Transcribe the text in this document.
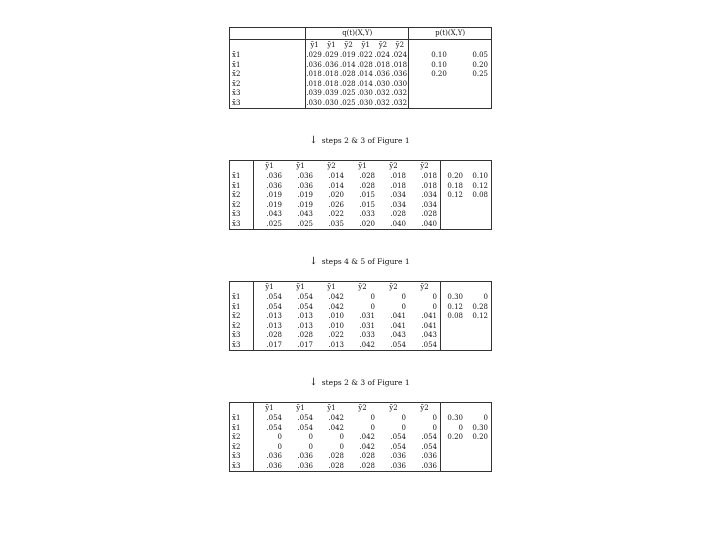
	q(t)(X,Y)						p(t)(X,Y)	
	ỹ1	ỹ1	ỹ2	ỹ1	ỹ2	ỹ2		
x̃1	.029	.029	.019	.022	.024	.024	0.10	0.05
x̃1	.036	.036	.014	.028	.018	.018	0.10	0.20
x̃2	.018	.018	.028	.014	.036	.036	0.20	0.25
x̃2	.018	.018	.028	.014	.030	.030		
x̃3	.039	.039	.025	.030	.032	.032		
x̃3	.030	.030	.025	.030	.032	.032		
↓ steps 2 & 3 of Figure 1
	ỹ1	ỹ1	ỹ2	ỹ1	ỹ2	ỹ2		
x̃1	.036	.036	.014	.028	.018	.018	0.20	0.10
x̃1	.036	.036	.014	.028	.018	.018	0.18	0.12
x̃2	.019	.019	.020	.015	.034	.034	0.12	0.08
x̃2	.019	.019	.026	.015	.034	.034		
x̃3	.043	.043	.022	.033	.028	.028		
x̃3	.025	.025	.035	.020	.040	.040		
↓ steps 4 & 5 of Figure 1
	ỹ1	ỹ1	ỹ1	ỹ2	ỹ2	ỹ2		
x̃1	.054	.054	.042	0	0	0	0.30	0
x̃1	.054	.054	.042	0	0	0	0.12	0.28
x̃2	.013	.013	.010	.031	.041	.041	0.08	0.12
x̃2	.013	.013	.010	.031	.041	.041		
x̃3	.028	.028	.022	.033	.043	.043		
x̃3	.017	.017	.013	.042	.054	.054		
↓ steps 2 & 3 of Figure 1
	ỹ1	ỹ1	ỹ1	ỹ2	ỹ2	ỹ2		
x̃1	.054	.054	.042	0	0	0	0.30	0
x̃1	.054	.054	.042	0	0	0	0	0.30
x̃2	0	0	0	.042	.054	.054	0.20	0.20
x̃2	0	0	0	.042	.054	.054		
x̃3	.036	.036	.028	.028	.036	.036		
x̃3	.036	.036	.028	.028	.036	.036		
